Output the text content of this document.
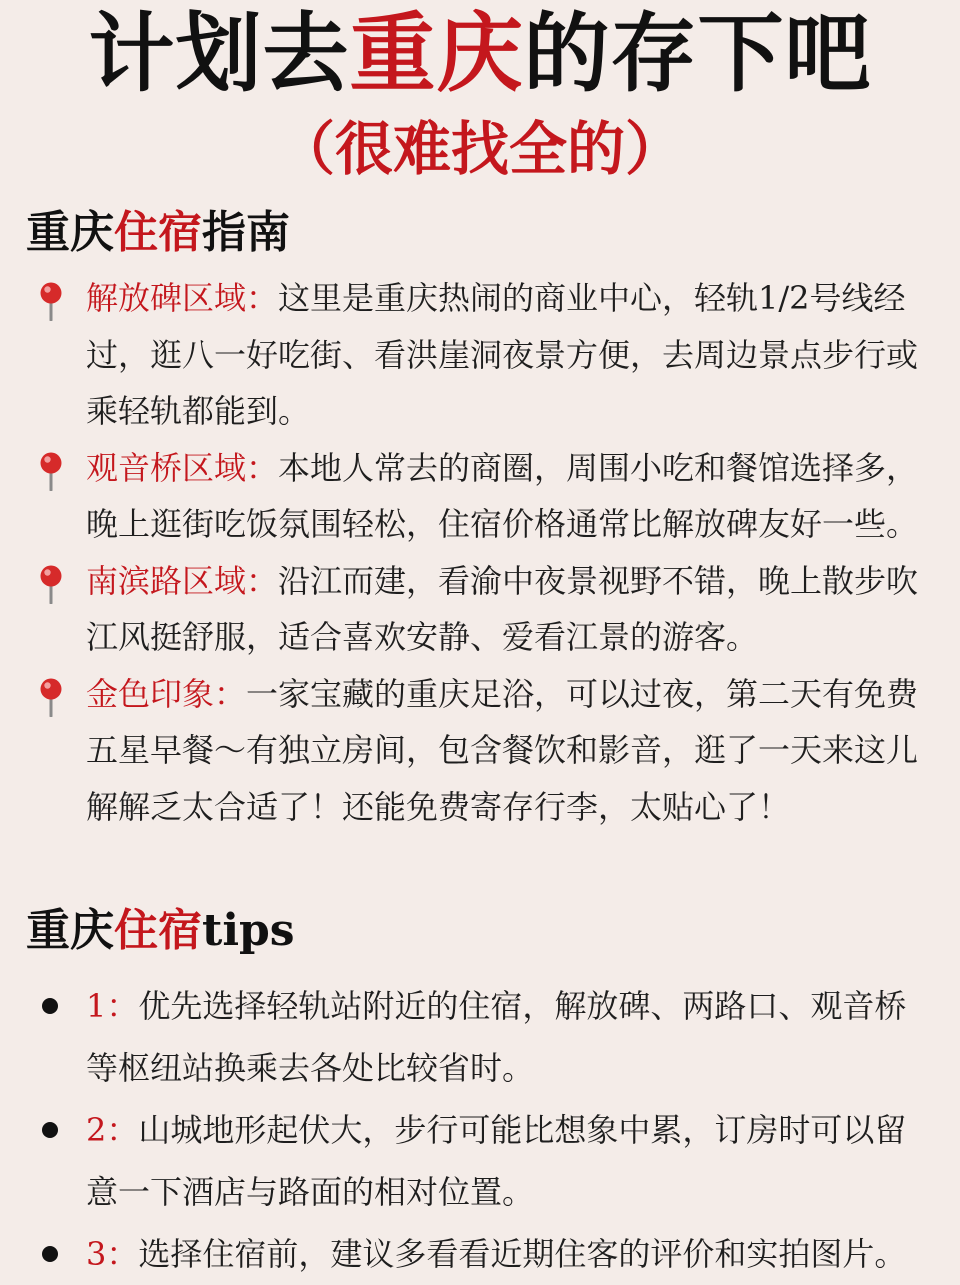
计划去重庆的存下吧
（很难找全的）
重庆住宿指南
解放碑区域：这里是重庆热闹的商业中心，轻轨1/2号线经过，逛八一好吃街、看洪崖洞夜景方便，去周边景点步行或乘轻轨都能到。
观音桥区域：本地人常去的商圈，周围小吃和餐馆选择多，晚上逛街吃饭氛围轻松，住宿价格通常比解放碑友好一些。
南滨路区域：沿江而建，看渝中夜景视野不错，晚上散步吹江风挺舒服，适合喜欢安静、爱看江景的游客。
金色印象：一家宝藏的重庆足浴，可以过夜，第二天有免费五星早餐～有独立房间，包含餐饮和影音，逛了一天来这儿解解乏太合适了！还能免费寄存行李，太贴心了！
重庆住宿tips
1：优先选择轻轨站附近的住宿，解放碑、两路口、观音桥等枢纽站换乘去各处比较省时。
2：山城地形起伏大，步行可能比想象中累，订房时可以留意一下酒店与路面的相对位置。
3：选择住宿前，建议多看看近期住客的评价和实拍图片。
